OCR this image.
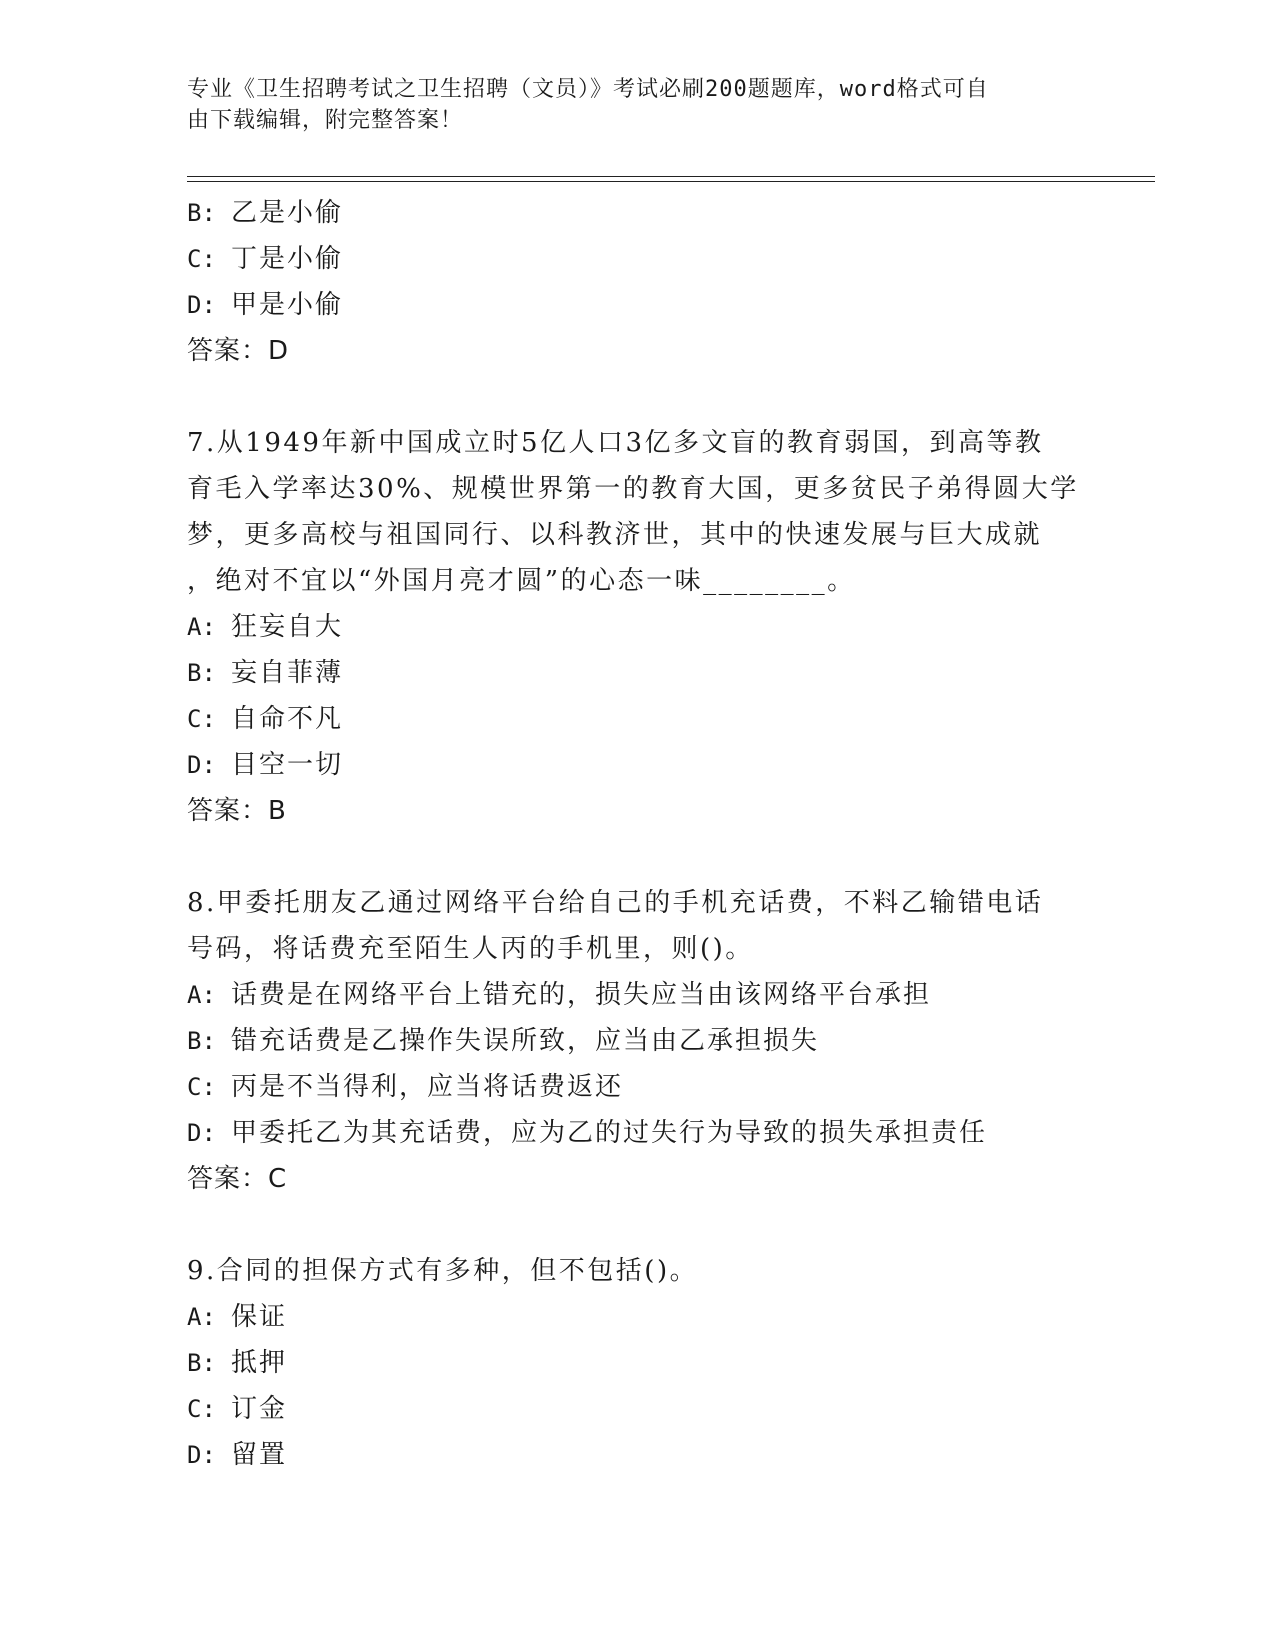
专业《卫生招聘考试之卫生招聘（文员）》考试必刷200题题库，word格式可自
由下载编辑，附完整答案！
B: 乙是小偷
C: 丁是小偷
D: 甲是小偷
答案：D
7.从1949年新中国成立时5亿人口3亿多文盲的教育弱国，到高等教
育毛入学率达30%、规模世界第一的教育大国，更多贫民子弟得圆大学
梦，更多高校与祖国同行、以科教济世，其中的快速发展与巨大成就
，绝对不宜以“外国月亮才圆”的心态一味________。
A: 狂妄自大
B: 妄自菲薄
C: 自命不凡
D: 目空一切
答案：B
8.甲委托朋友乙通过网络平台给自己的手机充话费，不料乙输错电话
号码，将话费充至陌生人丙的手机里，则()。
A: 话费是在网络平台上错充的，损失应当由该网络平台承担
B: 错充话费是乙操作失误所致，应当由乙承担损失
C: 丙是不当得利，应当将话费返还
D: 甲委托乙为其充话费，应为乙的过失行为导致的损失承担责任
答案：C
9.合同的担保方式有多种，但不包括()。
A: 保证
B: 抵押
C: 订金
D: 留置
